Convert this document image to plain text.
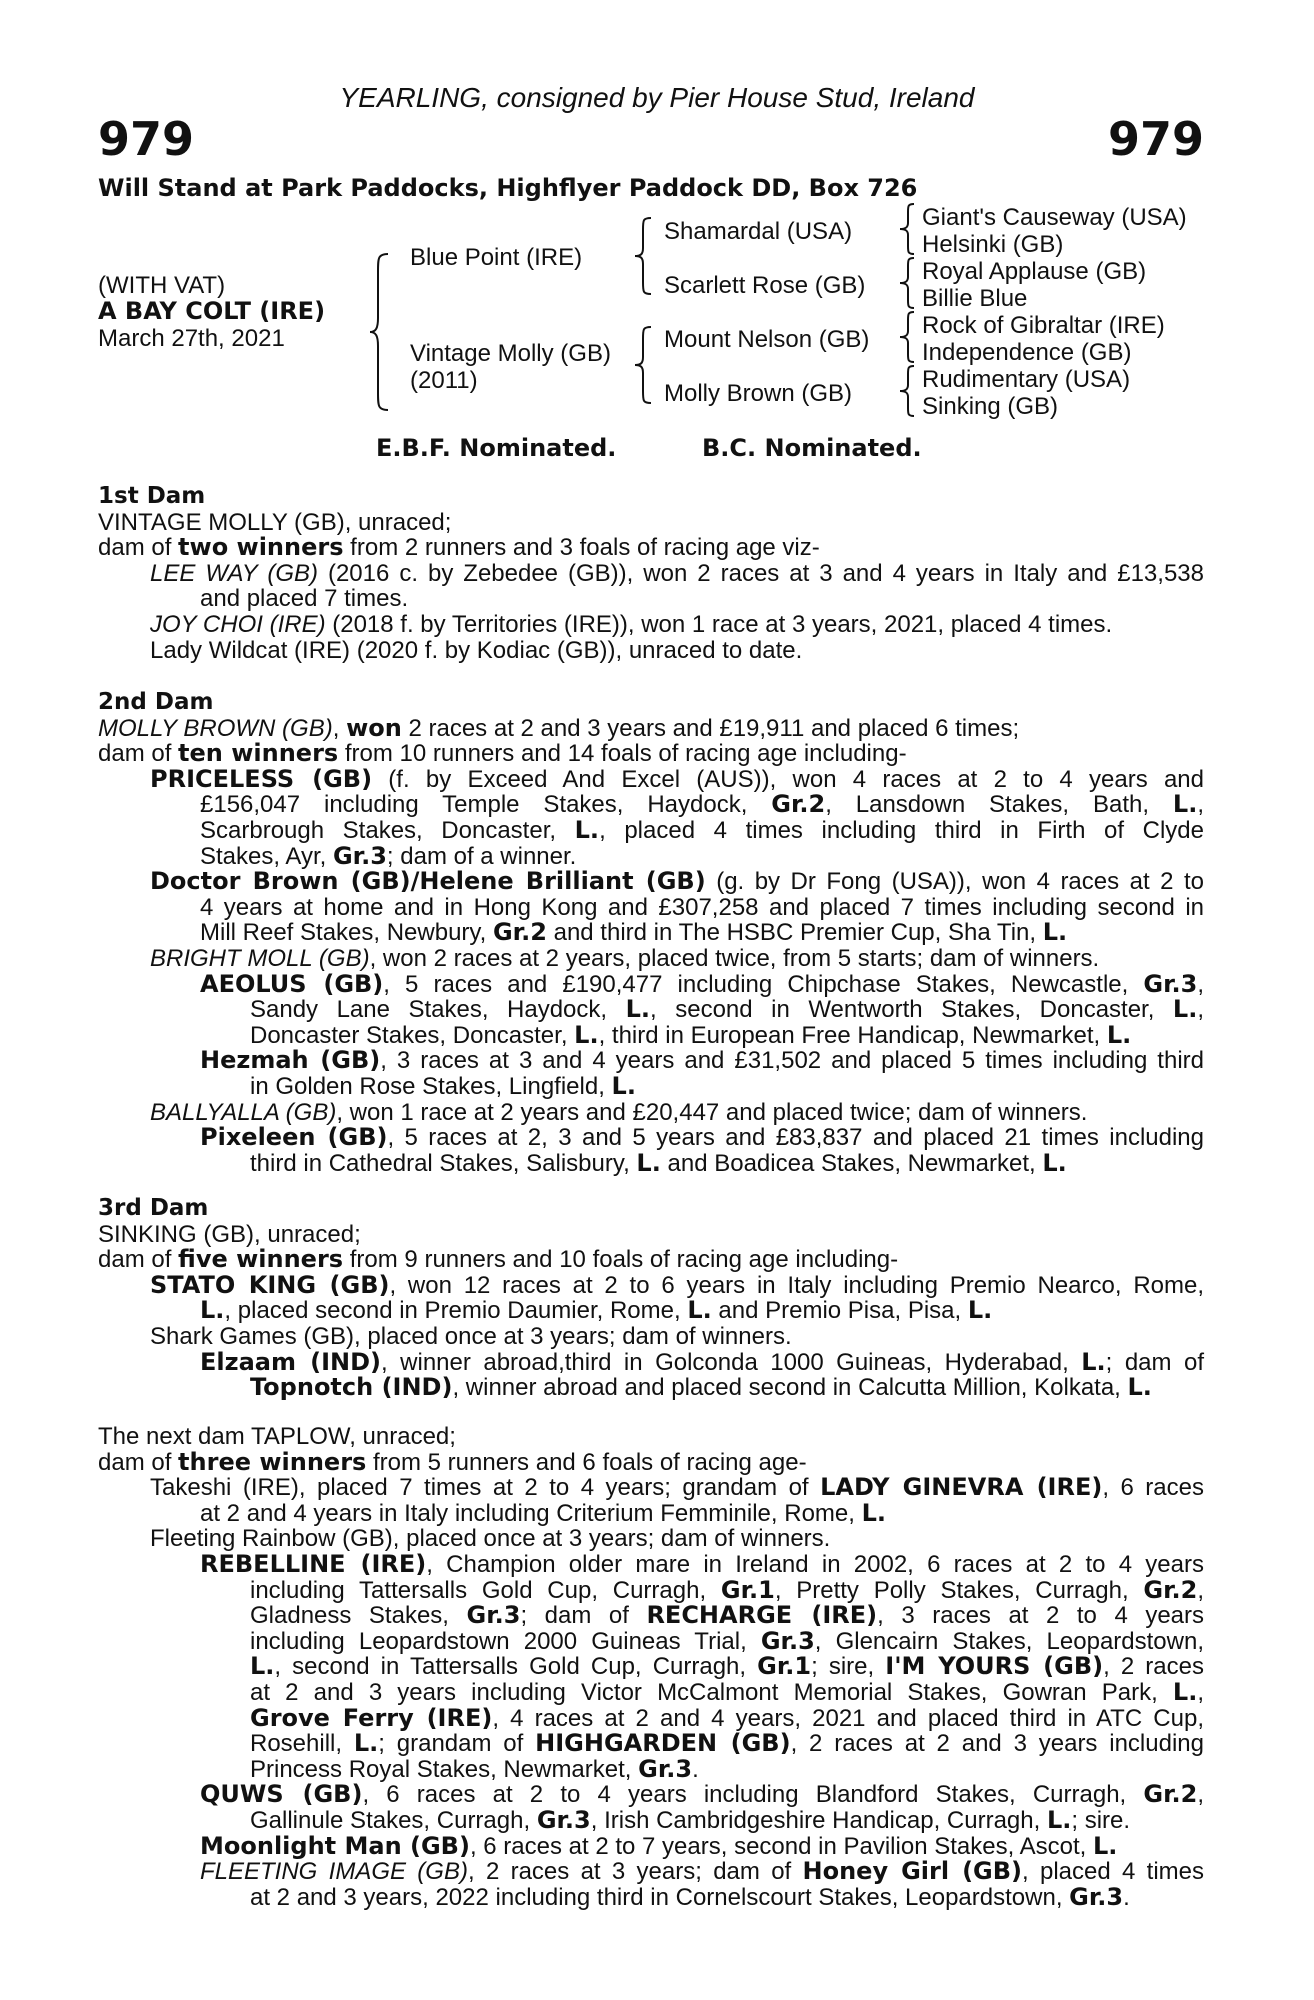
YEARLING, consigned by Pier House Stud, Ireland
979	979
Will Stand at Park Paddocks, Highflyer Paddock DD, Box 726
(WITH VAT)
A BAY COLT (IRE)
March 27th, 2021
Blue Point (IRE)
Vintage Molly (GB)
(2011)
Shamardal (USA)
Scarlett Rose (GB)
Mount Nelson (GB)
Molly Brown (GB)
Giant's Causeway (USA)
Helsinki (GB)
Royal Applause (GB)
Billie Blue
Rock of Gibraltar (IRE)
Independence (GB)
Rudimentary (USA)
Sinking (GB)
E.B.F. Nominated.	B.C. Nominated.
1st Dam
VINTAGE MOLLY (GB), unraced;
dam of two winners from 2 runners and 3 foals of racing age viz-
LEE WAY (GB) (2016 c. by Zebedee (GB)), won 2 races at 3 and 4 years in Italy and £13,538
and placed 7 times.
JOY CHOI (IRE) (2018 f. by Territories (IRE)), won 1 race at 3 years, 2021, placed 4 times.
Lady Wildcat (IRE) (2020 f. by Kodiac (GB)), unraced to date.
2nd Dam
MOLLY BROWN (GB), won 2 races at 2 and 3 years and £19,911 and placed 6 times;
dam of ten winners from 10 runners and 14 foals of racing age including-
PRICELESS (GB) (f. by Exceed And Excel (AUS)), won 4 races at 2 to 4 years and
£156,047 including Temple Stakes, Haydock, Gr.2, Lansdown Stakes, Bath, L.,
Scarbrough Stakes, Doncaster, L., placed 4 times including third in Firth of Clyde
Stakes, Ayr, Gr.3; dam of a winner.
Doctor Brown (GB)/Helene Brilliant (GB) (g. by Dr Fong (USA)), won 4 races at 2 to
4 years at home and in Hong Kong and £307,258 and placed 7 times including second in
Mill Reef Stakes, Newbury, Gr.2 and third in The HSBC Premier Cup, Sha Tin, L.
BRIGHT MOLL (GB), won 2 races at 2 years, placed twice, from 5 starts; dam of winners.
AEOLUS (GB), 5 races and £190,477 including Chipchase Stakes, Newcastle, Gr.3,
Sandy Lane Stakes, Haydock, L., second in Wentworth Stakes, Doncaster, L.,
Doncaster Stakes, Doncaster, L., third in European Free Handicap, Newmarket, L.
Hezmah (GB), 3 races at 3 and 4 years and £31,502 and placed 5 times including third
in Golden Rose Stakes, Lingfield, L.
BALLYALLA (GB), won 1 race at 2 years and £20,447 and placed twice; dam of winners.
Pixeleen (GB), 5 races at 2, 3 and 5 years and £83,837 and placed 21 times including
third in Cathedral Stakes, Salisbury, L. and Boadicea Stakes, Newmarket, L.
3rd Dam
SINKING (GB), unraced;
dam of five winners from 9 runners and 10 foals of racing age including-
STATO KING (GB), won 12 races at 2 to 6 years in Italy including Premio Nearco, Rome,
L., placed second in Premio Daumier, Rome, L. and Premio Pisa, Pisa, L.
Shark Games (GB), placed once at 3 years; dam of winners.
Elzaam (IND), winner abroad,third in Golconda 1000 Guineas, Hyderabad, L.; dam of
Topnotch (IND), winner abroad and placed second in Calcutta Million, Kolkata, L.
The next dam TAPLOW, unraced;
dam of three winners from 5 runners and 6 foals of racing age-
Takeshi (IRE), placed 7 times at 2 to 4 years; grandam of LADY GINEVRA (IRE), 6 races
at 2 and 4 years in Italy including Criterium Femminile, Rome, L.
Fleeting Rainbow (GB), placed once at 3 years; dam of winners.
REBELLINE (IRE), Champion older mare in Ireland in 2002, 6 races at 2 to 4 years
including Tattersalls Gold Cup, Curragh, Gr.1, Pretty Polly Stakes, Curragh, Gr.2,
Gladness Stakes, Gr.3; dam of RECHARGE (IRE), 3 races at 2 to 4 years
including Leopardstown 2000 Guineas Trial, Gr.3, Glencairn Stakes, Leopardstown,
L., second in Tattersalls Gold Cup, Curragh, Gr.1; sire, I'M YOURS (GB), 2 races
at 2 and 3 years including Victor McCalmont Memorial Stakes, Gowran Park, L.,
Grove Ferry (IRE), 4 races at 2 and 4 years, 2021 and placed third in ATC Cup,
Rosehill, L.; grandam of HIGHGARDEN (GB), 2 races at 2 and 3 years including
Princess Royal Stakes, Newmarket, Gr.3.
QUWS (GB), 6 races at 2 to 4 years including Blandford Stakes, Curragh, Gr.2,
Gallinule Stakes, Curragh, Gr.3, Irish Cambridgeshire Handicap, Curragh, L.; sire.
Moonlight Man (GB), 6 races at 2 to 7 years, second in Pavilion Stakes, Ascot, L.
FLEETING IMAGE (GB), 2 races at 3 years; dam of Honey Girl (GB), placed 4 times
at 2 and 3 years, 2022 including third in Cornelscourt Stakes, Leopardstown, Gr.3.
